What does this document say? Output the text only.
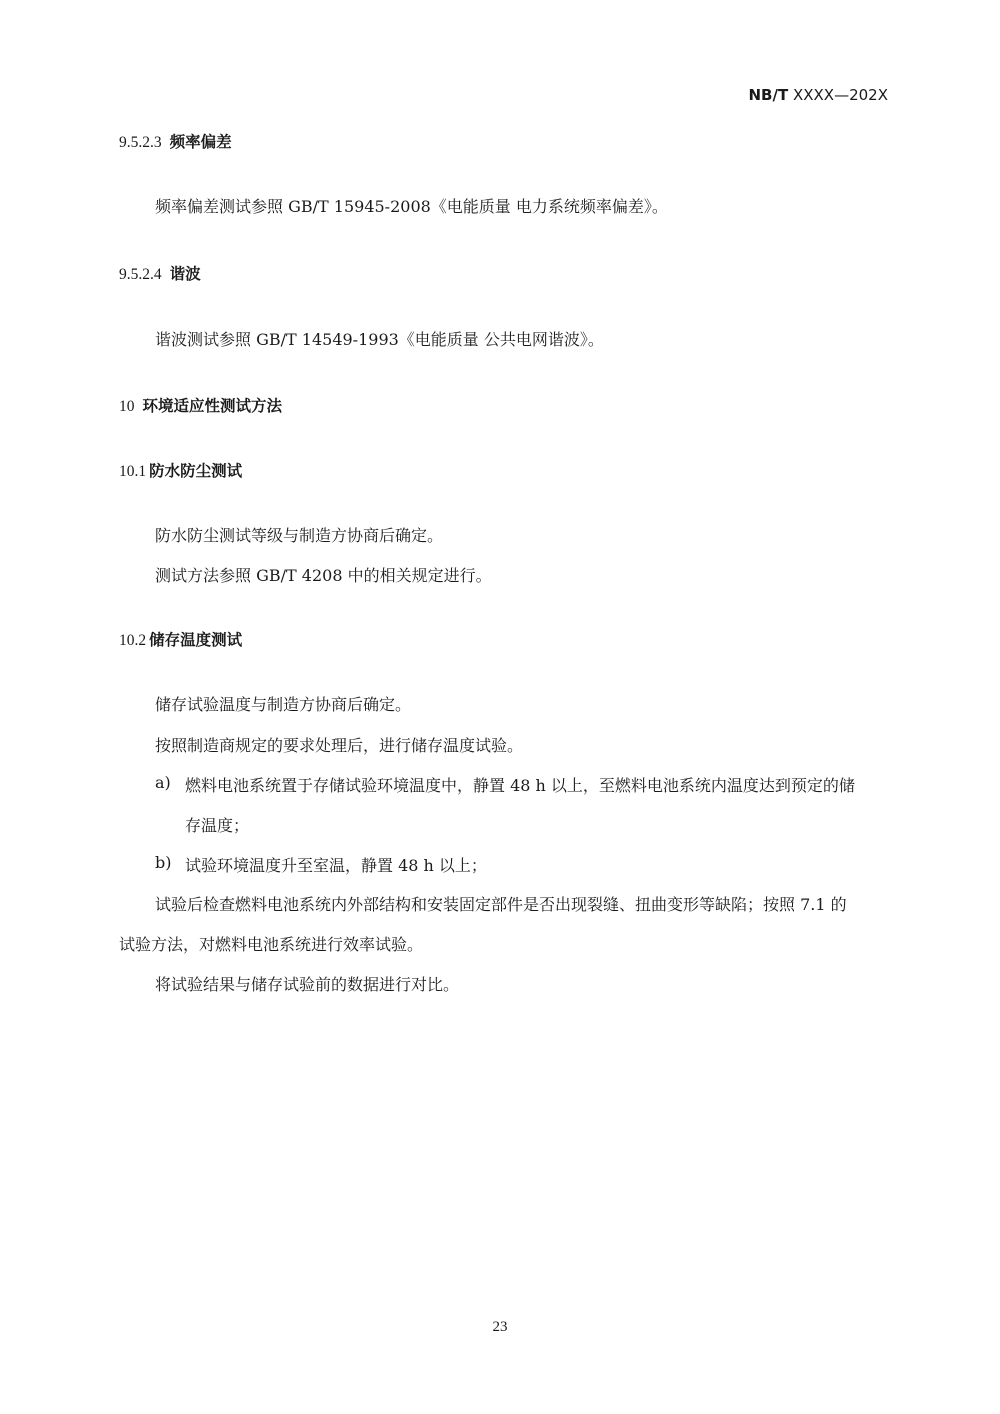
NB/T XXXX—202X
9.5.2.3 频率偏差
频率偏差测试参照 GB/T 15945-2008《电能质量 电力系统频率偏差》。
9.5.2.4 谐波
谐波测试参照 GB/T 14549-1993《电能质量 公共电网谐波》。
10 环境适应性测试方法
10.1 防水防尘测试
防水防尘测试等级与制造方协商后确定。
测试方法参照 GB/T 4208 中的相关规定进行。
10.2 储存温度测试
储存试验温度与制造方协商后确定。
按照制造商规定的要求处理后，进行储存温度试验。
a) 燃料电池系统置于存储试验环境温度中，静置 48 h 以上，至燃料电池系统内温度达到预定的储
存温度；
b) 试验环境温度升至室温，静置 48 h 以上；
试验后检查燃料电池系统内外部结构和安装固定部件是否出现裂缝、扭曲变形等缺陷；按照 7.1 的
试验方法，对燃料电池系统进行效率试验。
将试验结果与储存试验前的数据进行对比。
23
